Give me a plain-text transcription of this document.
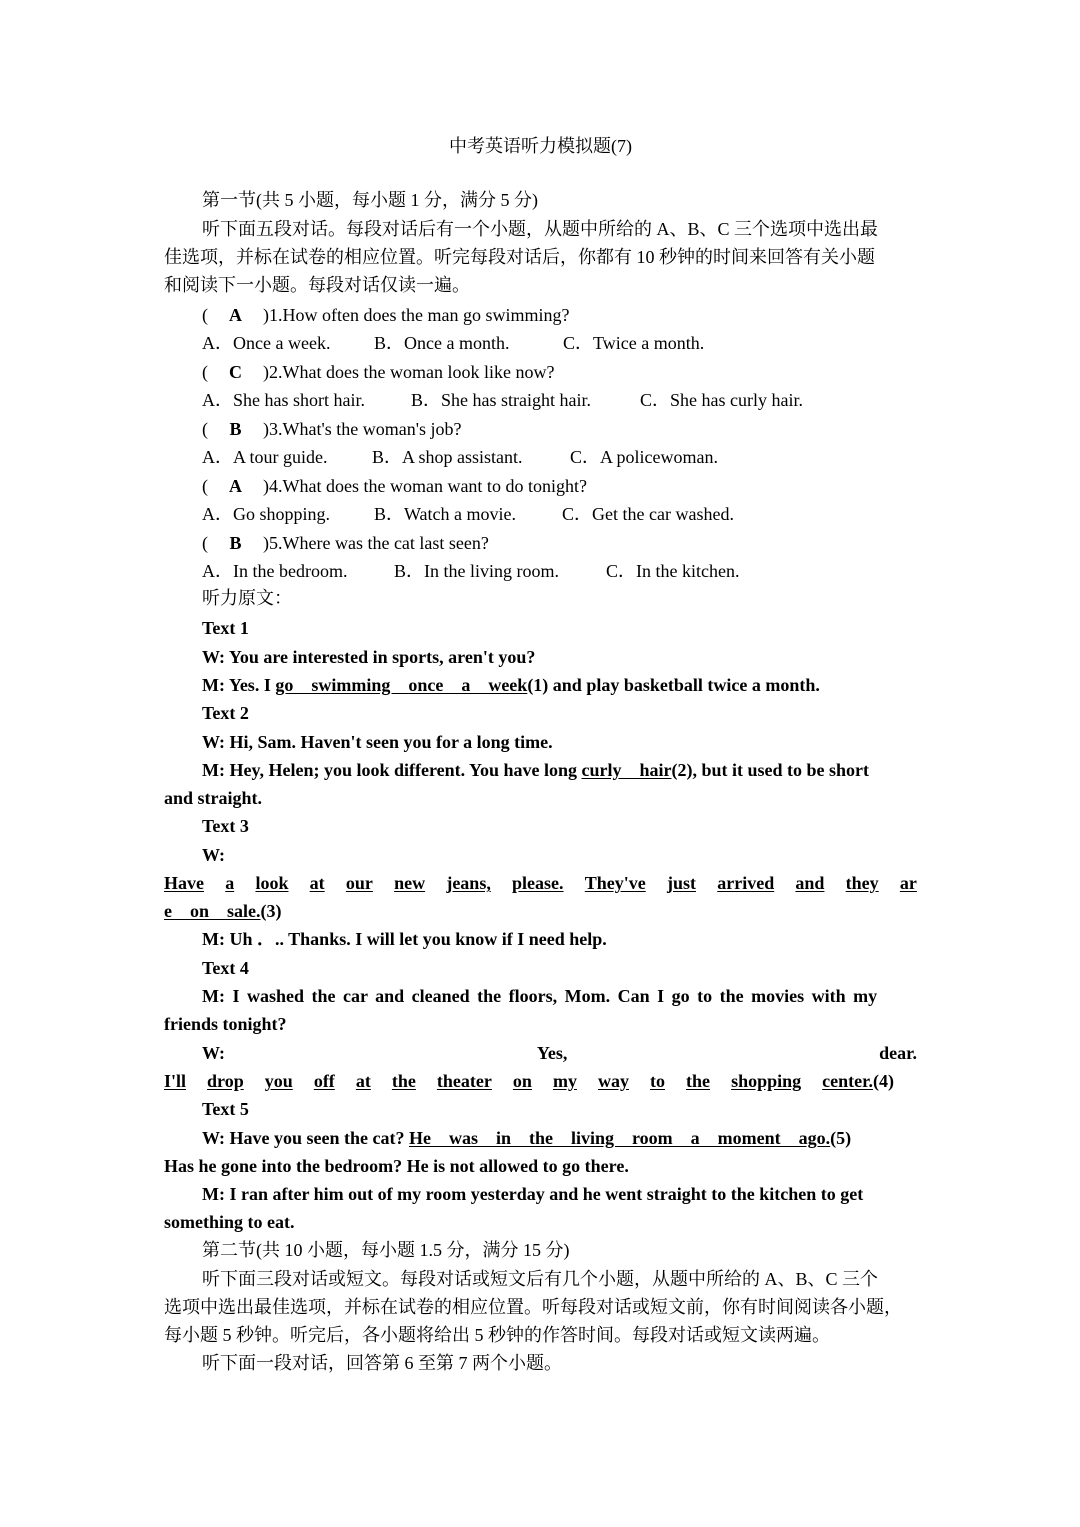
中考英语听力模拟题(7)
第一节(共 5 小题，每小题 1 分，满分 5 分)
听下面五段对话。每段对话后有一个小题，从题中所给的 A、B、C 三个选项中选出最
佳选项，并标在试卷的相应位置。听完每段对话后，你都有 10 秒钟的时间来回答有关小题
和阅读下一小题。每段对话仅读一遍。
( A )1.How often does the man go swimming?
A．Once a week. B．Once a month.	C．Twice a month.
( C )2.What does the woman look like now?
A．She has short hair.	B．She has straight hair.	C．She has curly hair.
( B )3.What's the woman's job?
A．A tour guide. B．A shop assistant.	C．A policewoman.
( A )4.What does the woman want to do tonight?
A．Go shopping. B．Watch a movie.	C．Get the car washed.
( B )5.Where was the cat last seen?
A．In the bedroom.	B．In the living room.	C．In the kitchen.
听力原文：
Text 1
W: You are interested in sports, aren't you?
M: Yes. I go    swimming    once    a    week(1) and play basketball twice a month.
Text 2
W: Hi, Sam. Haven't seen you for a long time.
M: Hey, Helen; you look different. You have long curly    hair(2), but it used to be short
and straight.
Text 3
W:
Have a look at our new jeans, please. They've just arrived and they ar
e    on    sale.(3)
M: Uh ．.. Thanks. I will let you know if I need help.
Text 4
M: I washed the car and cleaned the floors, Mom. Can I go to the movies with my
friends tonight?
W:	Yes,	dear.
I'll drop you off at the theater on my way to the shopping center. (4)
Text 5
W: Have you seen the cat? He    was    in    the    living    room    a    moment    ago.(5)
Has he gone into the bedroom? He is not allowed to go there.
M: I ran after him out of my room yesterday and he went straight to the kitchen to get
something to eat.
第二节(共 10 小题，每小题 1.5 分，满分 15 分)
听下面三段对话或短文。每段对话或短文后有几个小题，从题中所给的 A、B、C 三个
选项中选出最佳选项，并标在试卷的相应位置。听每段对话或短文前，你有时间阅读各小题，
每小题 5 秒钟。听完后，各小题将给出 5 秒钟的作答时间。每段对话或短文读两遍。
听下面一段对话，回答第 6 至第 7 两个小题。
